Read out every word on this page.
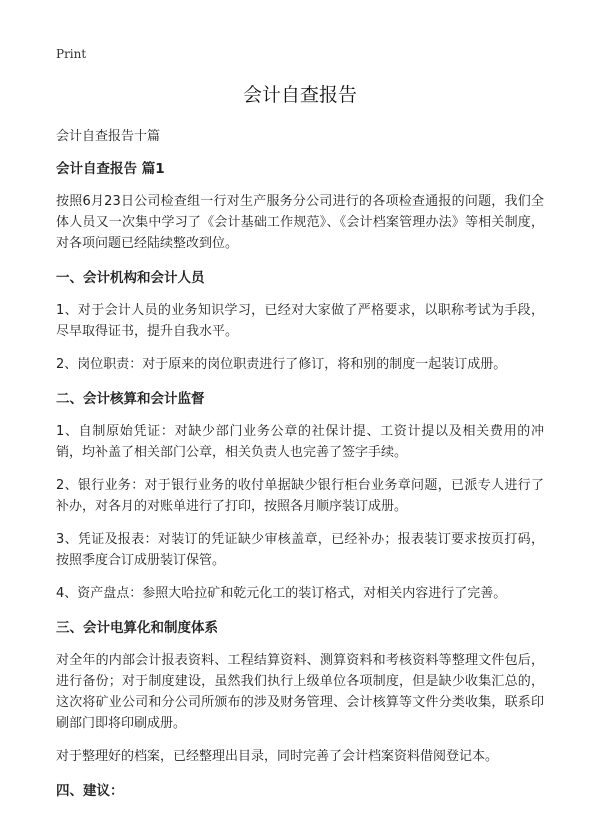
Print
会计自查报告
会计自查报告十篇
会计自查报告 篇1

按照6月23日公司检查组一行对生产服务分公司进行的各项检查通报的问题，我们全体人员又一次集中学习了《会计基础工作规范》、《会计档案管理办法》等相关制度，对各项问题已经陆续整改到位。

一、会计机构和会计人员

1、对于会计人员的业务知识学习，已经对大家做了严格要求，以职称考试为手段，尽早取得证书，提升自我水平。

2、岗位职责：对于原来的岗位职责进行了修订，将和别的制度一起装订成册。

二、会计核算和会计监督

1、自制原始凭证：对缺少部门业务公章的社保计提、工资计提以及相关费用的冲销，均补盖了相关部门公章，相关负责人也完善了签字手续。

2、银行业务：对于银行业务的收付单据缺少银行柜台业务章问题，已派专人进行了补办，对各月的对账单进行了打印，按照各月顺序装订成册。

3、凭证及报表：对装订的凭证缺少审核盖章，已经补办；报表装订要求按页打码，按照季度合订成册装订保管。

4、资产盘点：参照大哈拉矿和乾元化工的装订格式，对相关内容进行了完善。

三、会计电算化和制度体系

对全年的内部会计报表资料、工程结算资料、测算资料和考核资料等整理文件包后，进行备份；对于制度建设，虽然我们执行上级单位各项制度，但是缺少收集汇总的，这次将矿业公司和分公司所颁布的涉及财务管理、会计核算等文件分类收集，联系印刷部门即将印刷成册。

对于整理好的档案，已经整理出目录，同时完善了会计档案资料借阅登记本。

四、建议：
